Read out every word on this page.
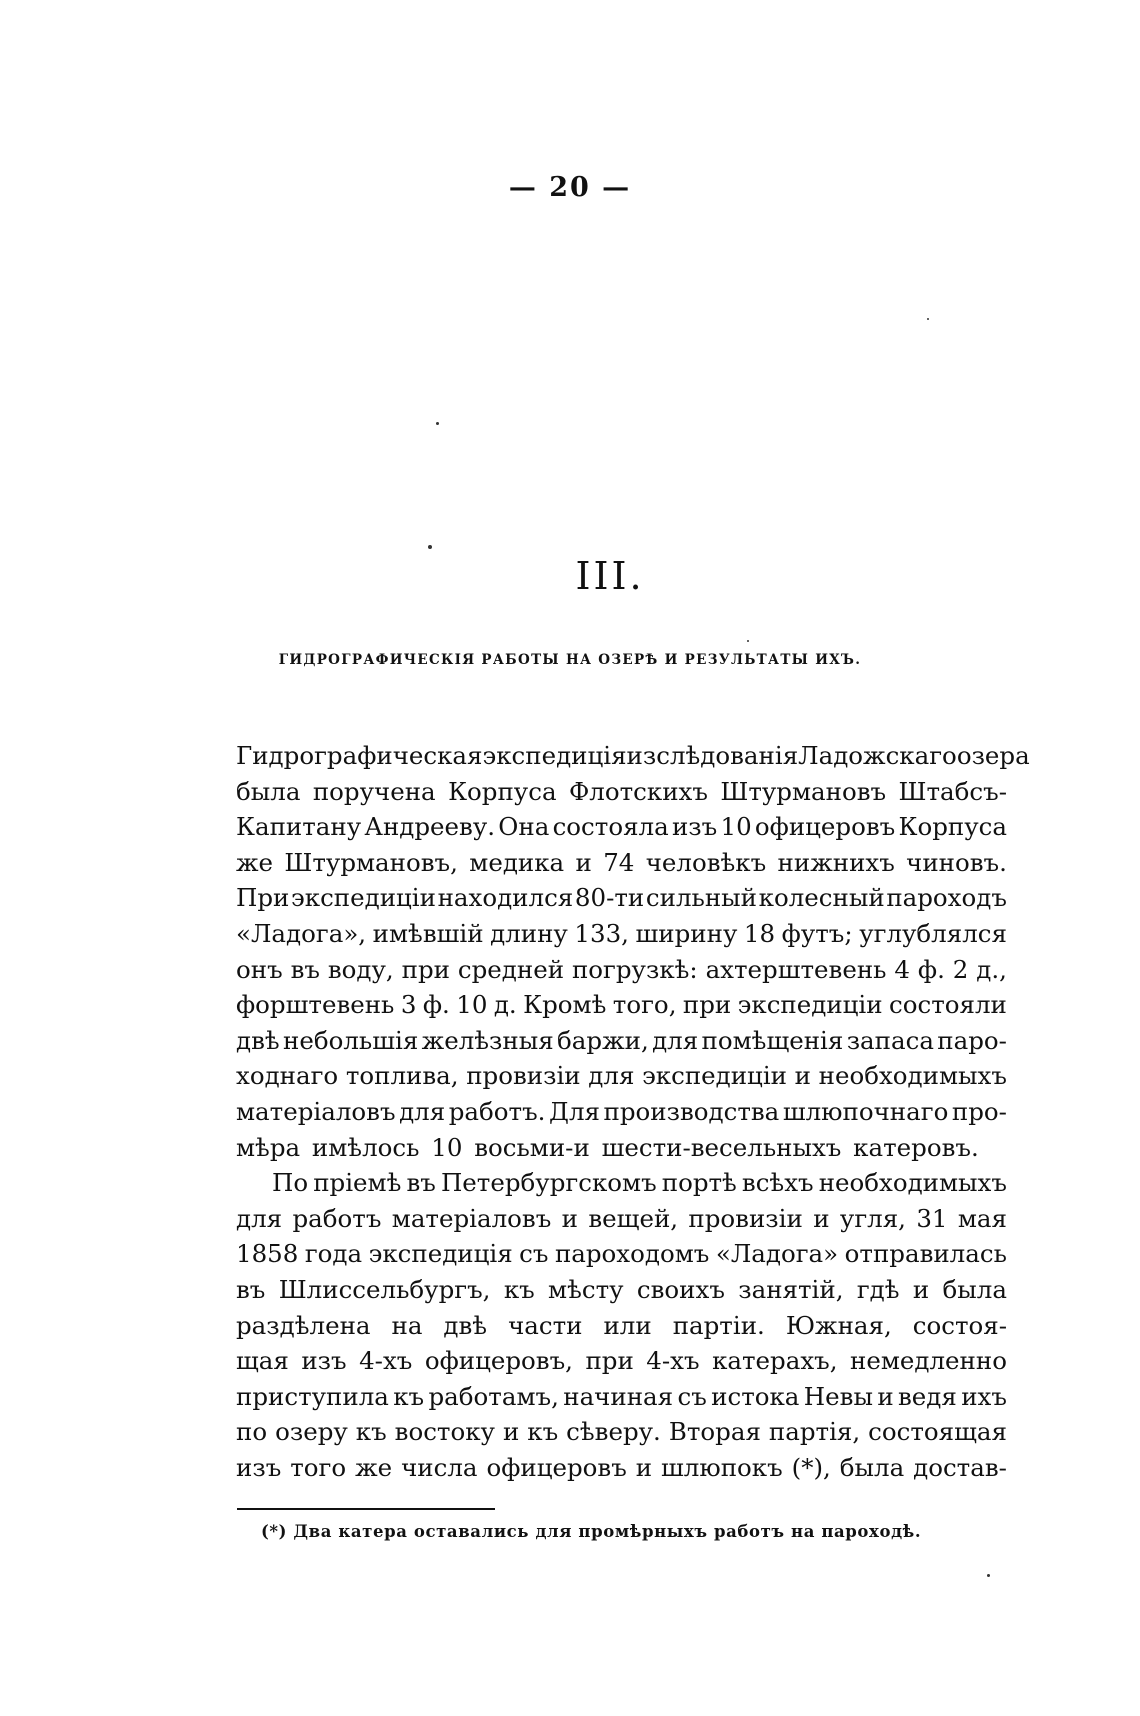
— 20 —
III.
ГИДРОГРАФИЧЕСКІЯ РАБОТЫ НА ОЗЕРѢ И РЕЗУЛЬТАТЫ ИХЪ.
Гидрографическая экспедиція изслѣдованія Ладожскаго озера
была поручена Корпуса Флотскихъ Штурмановъ Штабсъ-
Капитану Андрееву. Она состояла изъ 10 офицеровъ Корпуса
же Штурмановъ, медика и 74 человѣкъ нижнихъ чиновъ.
При экспедиціи находился 80-ти сильный колесный пароходъ
«Ладога», имѣвшій длину 133, ширину 18 футъ; углублялся
онъ въ воду, при средней погрузкѣ: ахтерштевень 4 ф. 2 д.,
форштевень 3 ф. 10 д. Кромѣ того, при экспедиціи состояли
двѣ небольшія желѣзныя баржи, для помѣщенія запаса паро-
ходнаго топлива, провизіи для экспедиціи и необходимыхъ
матеріаловъ для работъ. Для производства шлюпочнаго про-
мѣра имѣлось 10 восьми-и шести-весельныхъ катеровъ.
По пріемѣ въ Петербургскомъ портѣ всѣхъ необходимыхъ
для работъ матеріаловъ и вещей, провизіи и угля, 31 мая
1858 года экспедиція съ пароходомъ «Ладога» отправилась
въ Шлиссельбургъ, къ мѣсту своихъ занятій, гдѣ и была
раздѣлена на двѣ части или партіи. Южная, состоя-
щая изъ 4-хъ офицеровъ, при 4-хъ катерахъ, немедленно
приступила къ работамъ, начиная съ истока Невы и ведя ихъ
по озеру къ востоку и къ сѣверу. Вторая партія, состоящая
изъ того же числа офицеровъ и шлюпокъ (*), была достав-
(*) Два катера оставались для промѣрныхъ работъ на пароходѣ.
